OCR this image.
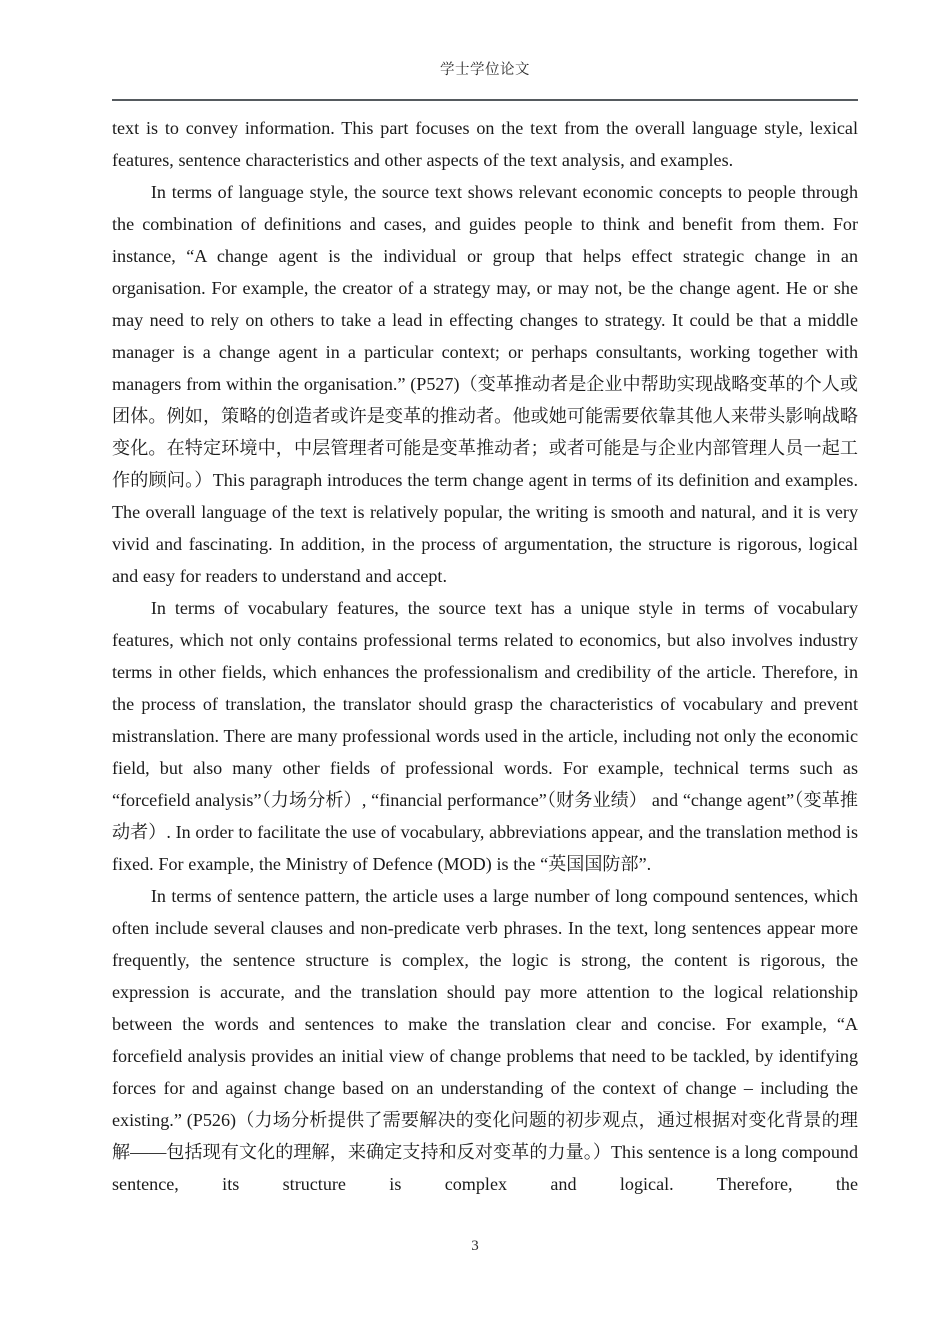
学士学位论文

text is to convey information. This part focuses on the text from the overall language style, lexical features, sentence characteristics and other aspects of the text analysis, and examples.

In terms of language style, the source text shows relevant economic concepts to people through the combination of definitions and cases, and guides people to think and benefit from them. For instance, “A change agent is the individual or group that helps effect strategic change in an organisation. For example, the creator of a strategy may, or may not, be the change agent. He or she may need to rely on others to take a lead in effecting changes to strategy. It could be that a middle manager is a change agent in a particular context; or perhaps consultants, working together with managers from within the organisation.” (P527)（变革推动者是企业中帮助实现战略变革的个人或团体。例如，策略的创造者或许是变革的推动者。他或她可能需要依靠其他人来带头影响战略变化。在特定环境中，中层管理者可能是变革推动者；或者可能是与企业内部管理人员一起工作的顾问。）This paragraph introduces the term change agent in terms of its definition and examples. The overall language of the text is relatively popular, the writing is smooth and natural, and it is very vivid and fascinating. In addition, in the process of argumentation, the structure is rigorous, logical and easy for readers to understand and accept.

In terms of vocabulary features, the source text has a unique style in terms of vocabulary features, which not only contains professional terms related to economics, but also involves industry terms in other fields, which enhances the professionalism and credibility of the article. Therefore, in the process of translation, the translator should grasp the characteristics of vocabulary and prevent mistranslation. There are many professional words used in the article, including not only the economic field, but also many other fields of professional words. For example, technical terms such as “forcefield analysis”（力场分析）, “financial performance”（财务业绩） and “change agent”（变革推动者）. In order to facilitate the use of vocabulary, abbreviations appear, and the translation method is fixed. For example, the Ministry of Defence (MOD) is the “英国国防部”.

In terms of sentence pattern, the article uses a large number of long compound sentences, which often include several clauses and non-predicate verb phrases. In the text, long sentences appear more frequently, the sentence structure is complex, the logic is strong, the content is rigorous, the expression is accurate, and the translation should pay more attention to the logical relationship between the words and sentences to make the translation clear and concise. For example, “A forcefield analysis provides an initial view of change problems that need to be tackled, by identifying forces for and against change based on an understanding of the context of change – including the existing.” (P526)（力场分析提供了需要解决的变化问题的初步观点，通过根据对变化背景的理解——包括现有文化的理解，来确定支持和反对变革的力量。）This sentence is a long compound sentence, its structure is complex and logical. Therefore, the

3
